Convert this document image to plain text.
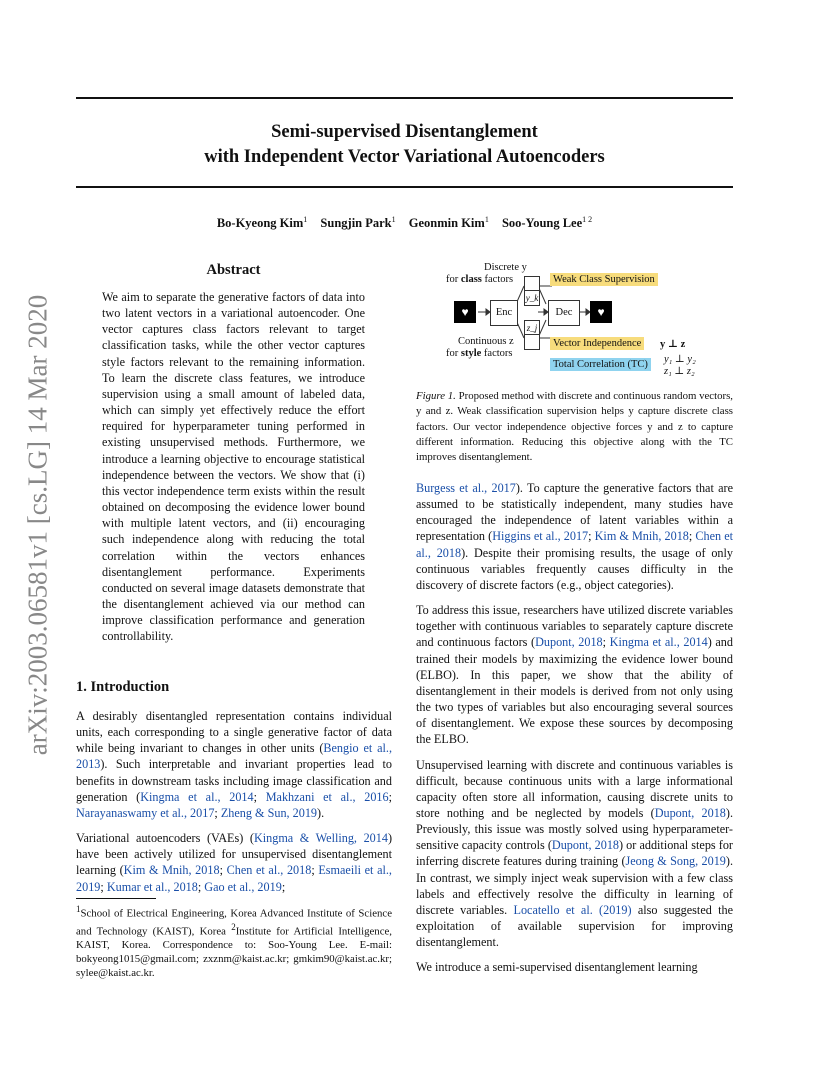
arXiv:2003.06581v1 [cs.LG] 14 Mar 2020
Semi-supervised Disentanglement
with Independent Vector Variational Autoencoders
Bo-Kyeong Kim$^1$ Sungjin Park$^1$ Geonmin Kim$^1$ Soo-Young Lee$^{1 2}$
Abstract
We aim to separate the generative factors of data into two latent vectors in a variational autoencoder. One vector captures class factors relevant to target classification tasks, while the other vector captures style factors relevant to the remaining information. To learn the discrete class features, we introduce supervision using a small amount of labeled data, which can simply yet effectively reduce the effort required for hyperparameter tuning performed in existing unsupervised methods. Furthermore, we introduce a learning objective to encourage statistical independence between the vectors. We show that (i) this vector independence term exists within the result obtained on decomposing the evidence lower bound with multiple latent vectors, and (ii) encouraging such independence along with reducing the total correlation within the vectors enhances disentanglement performance. Experiments conducted on several image datasets demonstrate that the disentanglement achieved via our method can improve classification performance and generation controllability.
1. Introduction

A desirably disentangled representation contains individual units, each corresponding to a single generative factor of data while being invariant to changes in other units (Bengio et al., 2013). Such interpretable and invariant properties lead to benefits in downstream tasks including image classification and generation (Kingma et al., 2014; Makhzani et al., 2016; Narayanaswamy et al., 2017; Zheng & Sun, 2019).

Variational autoencoders (VAEs) (Kingma & Welling, 2014) have been actively utilized for unsupervised disentanglement learning (Kim & Mnih, 2018; Chen et al., 2018; Esmaeili et al., 2019; Kumar et al., 2018; Gao et al., 2019;

$^1$School of Electrical Engineering, Korea Advanced Institute of Science and Technology (KAIST), Korea $^2$Institute for Artificial Intelligence, KAIST, Korea. Correspondence to: Soo-Young Lee. E-mail: bokyeong1015@gmail.com; zxznm@kaist.ac.kr; gmkim90@kaist.ac.kr; sylee@kaist.ac.kr.
Discrete y
for class factors
y_k
♥	Enc	Dec	♥
z_j
Continuous z
for style factors
Weak Class Supervision
Vector Independence y ⊥ z
Total Correlation (TC) y₁ ⊥ y₂
z₁ ⊥ z₂
Figure 1. Proposed method with discrete and continuous random vectors, y and z. Weak classification supervision helps y capture discrete class factors. Our vector independence objective forces y and z to capture different information. Reducing this objective along with the TC improves disentanglement.

Burgess et al., 2017). To capture the generative factors that are assumed to be statistically independent, many studies have encouraged the independence of latent variables within a representation (Higgins et al., 2017; Kim & Mnih, 2018; Chen et al., 2018). Despite their promising results, the usage of only continuous variables frequently causes difficulty in the discovery of discrete factors (e.g., object categories).

To address this issue, researchers have utilized discrete variables together with continuous variables to separately capture discrete and continuous factors (Dupont, 2018; Kingma et al., 2014) and trained their models by maximizing the evidence lower bound (ELBO). In this paper, we show that the ability of disentanglement in their models is derived from not only using the two types of variables but also encouraging several sources of disentanglement. We expose these sources by decomposing the ELBO.

Unsupervised learning with discrete and continuous variables is difficult, because continuous units with a large informational capacity often store all information, causing discrete units to store nothing and be neglected by models (Dupont, 2018). Previously, this issue was mostly solved using hyperparameter-sensitive capacity controls (Dupont, 2018) or additional steps for inferring discrete features during training (Jeong & Song, 2019). In contrast, we simply inject weak supervision with a few class labels and effectively resolve the difficulty in learning of discrete variables. Locatello et al. (2019) also suggested the exploitation of available supervision for improving disentanglement.

We introduce a semi-supervised disentanglement learning
